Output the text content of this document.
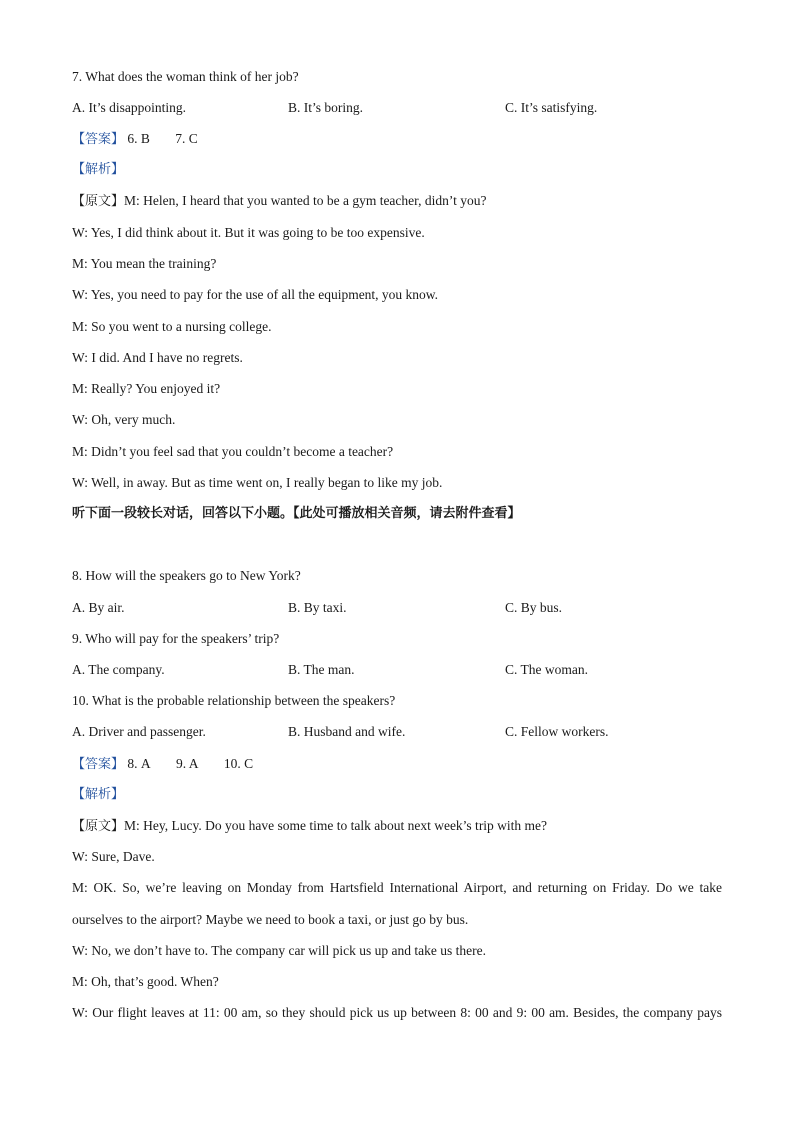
7. What does the woman think of her job?
A. It’s disappointing.	B. It’s boring.	C. It’s satisfying.
【答案】 6. B 7. C
【解析】
【原文】M: Helen, I heard that you wanted to be a gym teacher, didn’t you?
W: Yes, I did think about it. But it was going to be too expensive.
M: You mean the training?
W: Yes, you need to pay for the use of all the equipment, you know.
M: So you went to a nursing college.
W: I did. And I have no regrets.
M: Really? You enjoyed it?
W: Oh, very much.
M: Didn’t you feel sad that you couldn’t become a teacher?
W: Well, in away. But as time went on, I really began to like my job.
听下面一段较长对话，回答以下小题。【此处可播放相关音频，请去附件查看】
8. How will the speakers go to New York?
A. By air.	B. By taxi.	C. By bus.
9. Who will pay for the speakers’ trip?
A. The company.	B. The man.	C. The woman.
10. What is the probable relationship between the speakers?
A. Driver and passenger.	B. Husband and wife.	C. Fellow workers.
【答案】 8. A 9. A 10. C
【解析】
【原文】M: Hey, Lucy. Do you have some time to talk about next week’s trip with me?
W: Sure, Dave.
M: OK. So, we’re leaving on Monday from Hartsfield International Airport, and returning on Friday. Do we take
ourselves to the airport? Maybe we need to book a taxi, or just go by bus.
W: No, we don’t have to. The company car will pick us up and take us there.
M: Oh, that’s good. When?
W: Our flight leaves at 11: 00 am, so they should pick us up between 8: 00 and 9: 00 am. Besides, the company pays
